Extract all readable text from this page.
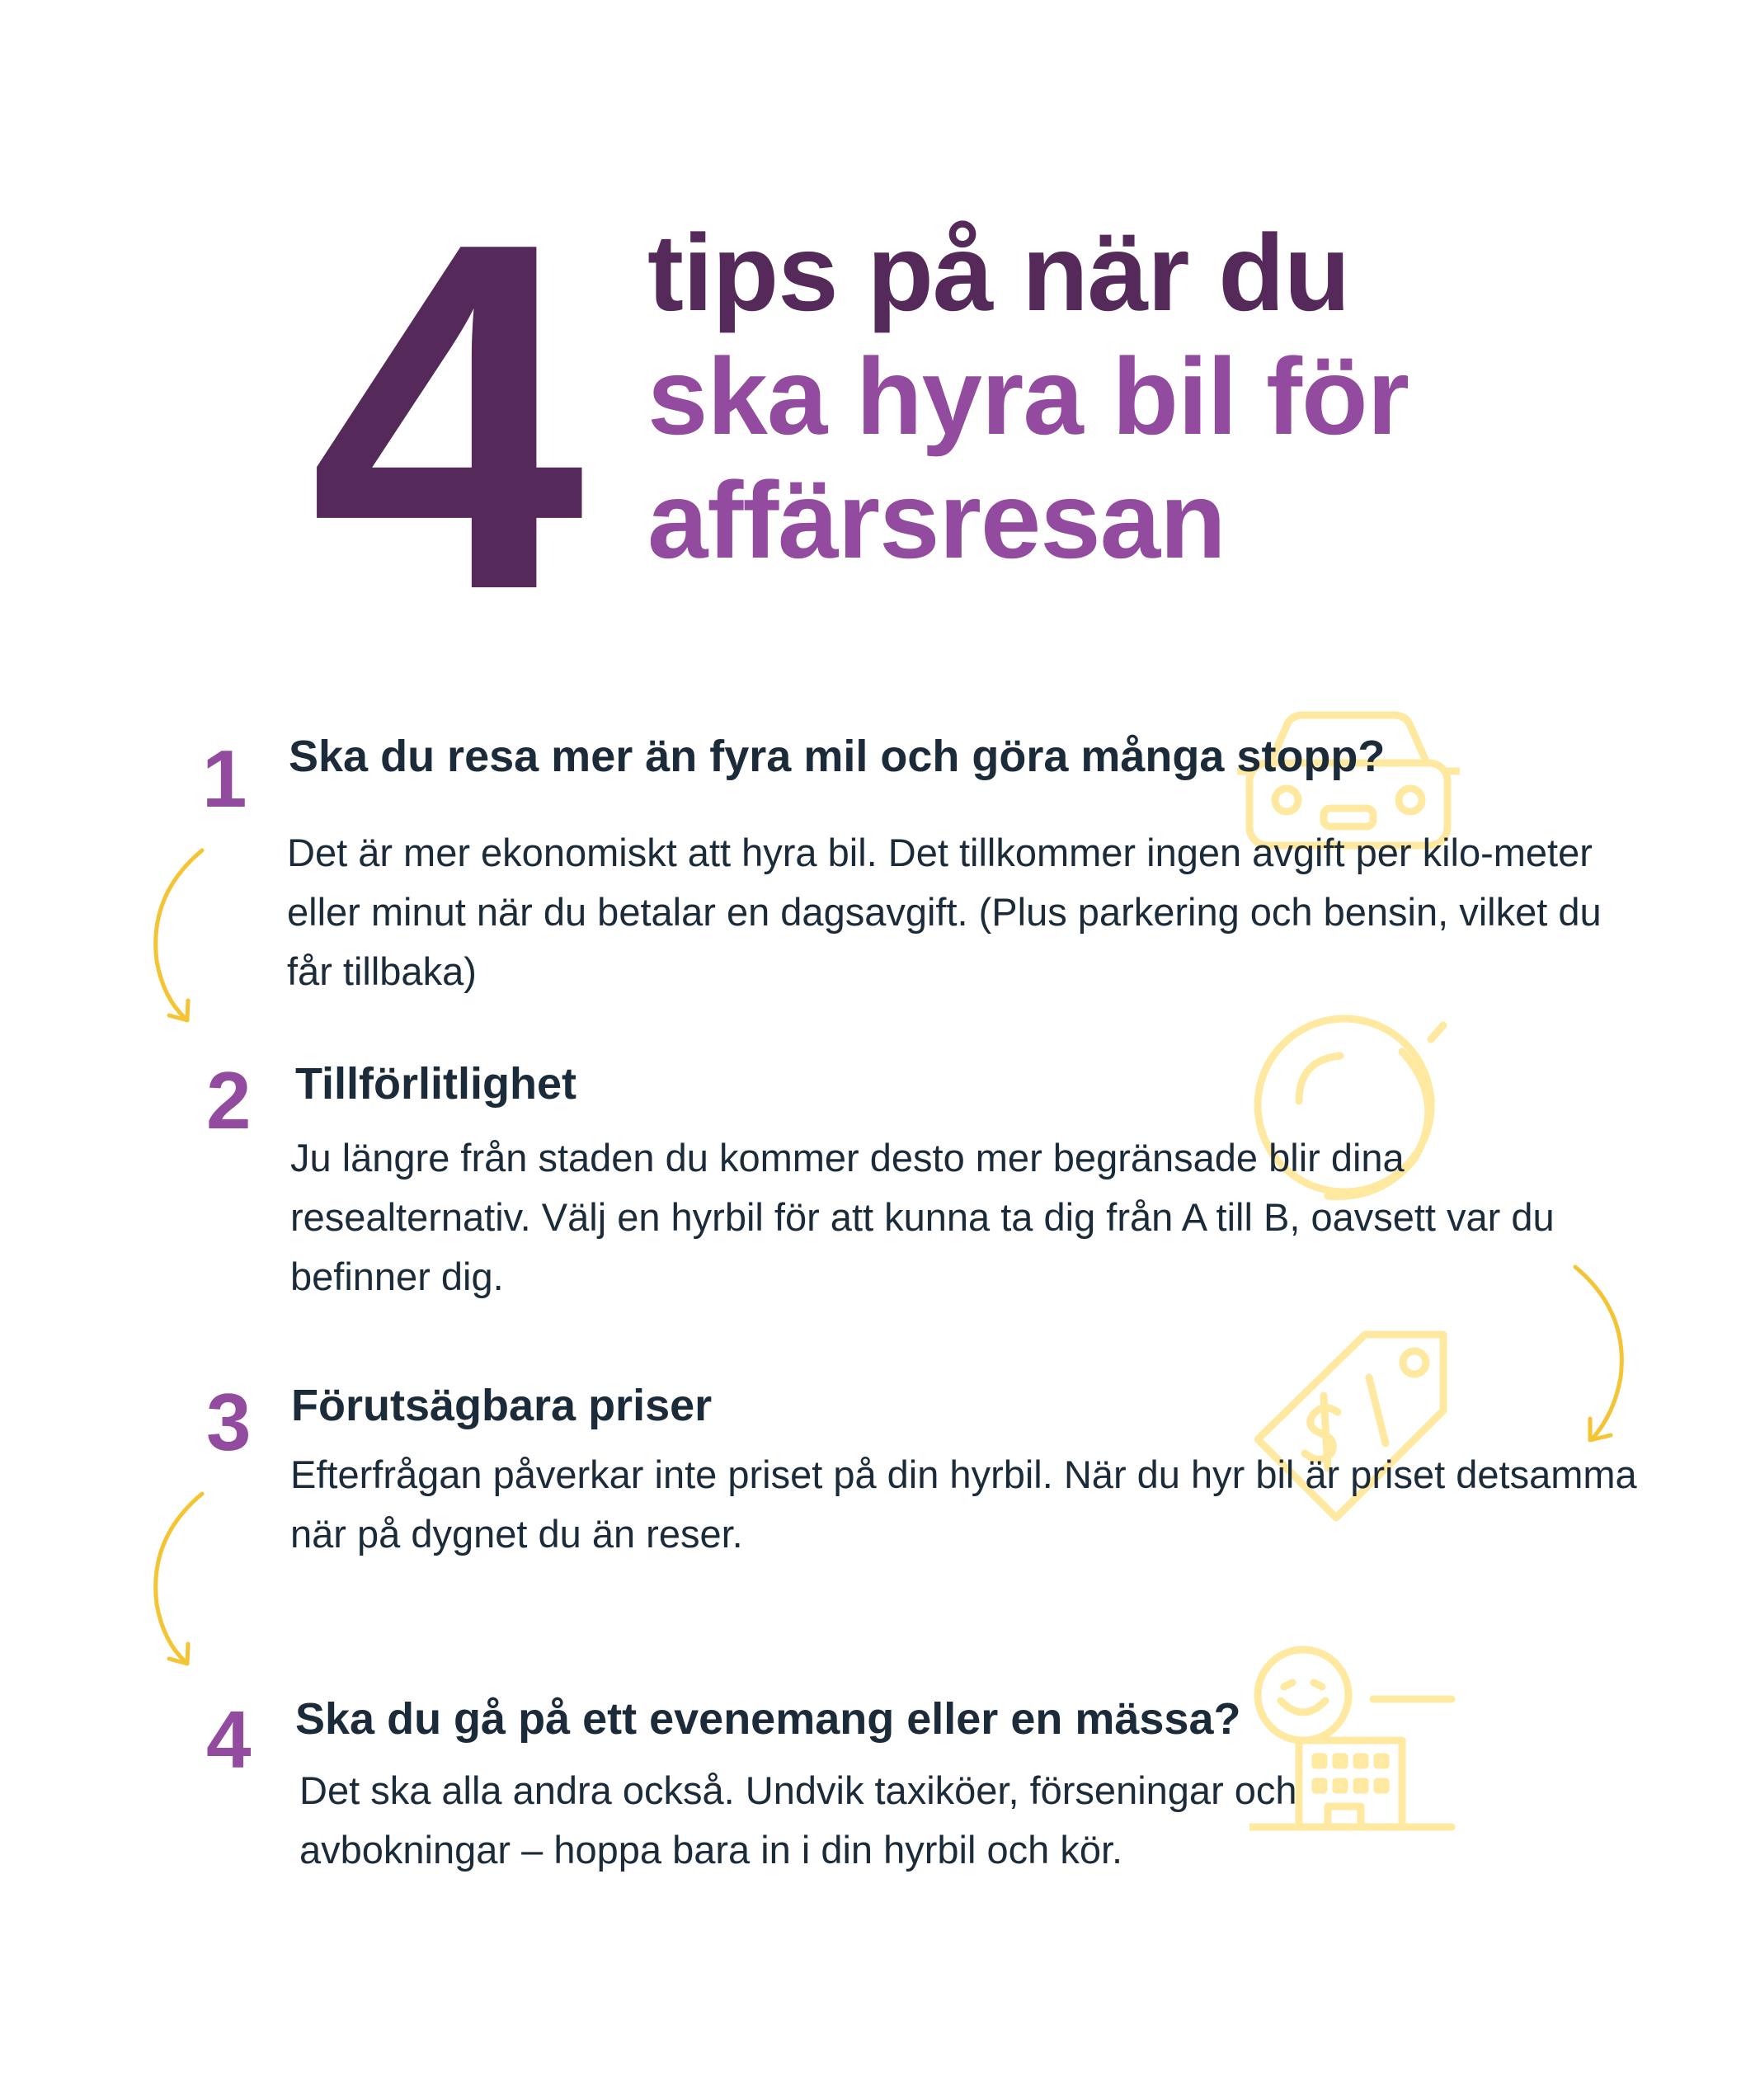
4 tips på när du
ska hyra bil för
affärsresan
1 Ska du resa mer än fyra mil och göra många stopp?
Det är mer ekonomiskt att hyra bil. Det tillkommer ingen avgift per kilo-meter eller minut när du betalar en dagsavgift. (Plus parkering och bensin, vilket du får tillbaka)
2 Tillförlitlighet
Ju längre från staden du kommer desto mer begränsade blir dina resealternativ. Välj en hyrbil för att kunna ta dig från A till B, oavsett var du befinner dig.
3 Förutsägbara priser
Efterfrågan påverkar inte priset på din hyrbil. När du hyr bil är priset detsamma när på dygnet du än reser.
4 Ska du gå på ett evenemang eller en mässa?
Det ska alla andra också. Undvik taxiköer, förseningar och avbokningar – hoppa bara in i din hyrbil och kör.
